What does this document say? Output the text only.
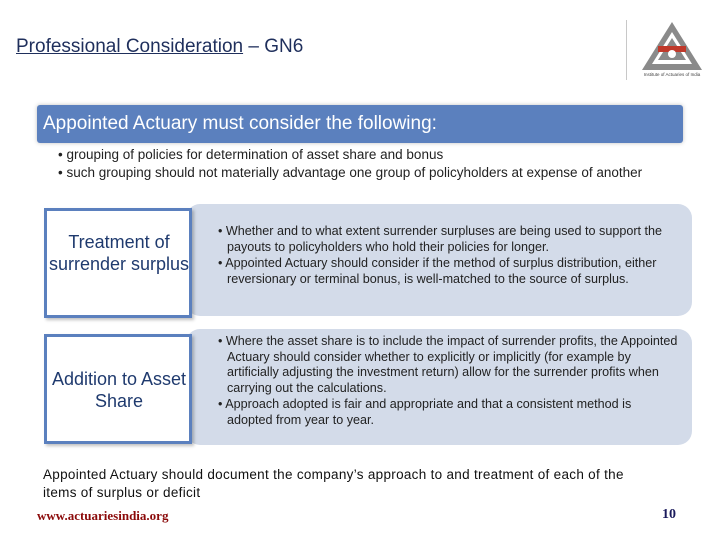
Professional Consideration – GN6
Institute of Actuaries of India
Appointed Actuary must consider the following:

• grouping of policies for determination of asset share and bonus

• such grouping should not materially advantage one group of policyholders at expense of another

Treatment of surrender surplus
Addition to Asset Share

• Whether and to what extent surrender surpluses are being used to support the payouts to policyholders who hold their policies for longer.

• Appointed Actuary should consider if the method of surplus distribution, either reversionary or terminal bonus, is well-matched to the source of surplus.

• Where the asset share is to include the impact of surrender profits, the Appointed Actuary should consider whether to explicitly or implicitly (for example by artificially adjusting the investment return) allow for the surrender profits when carrying out the calculations.

• Approach adopted is fair and appropriate and that a consistent method is adopted from year to year.

Appointed Actuary should document the company’s approach to and treatment of each of the items of surplus or deficit
www.actuariesindia.org	10
